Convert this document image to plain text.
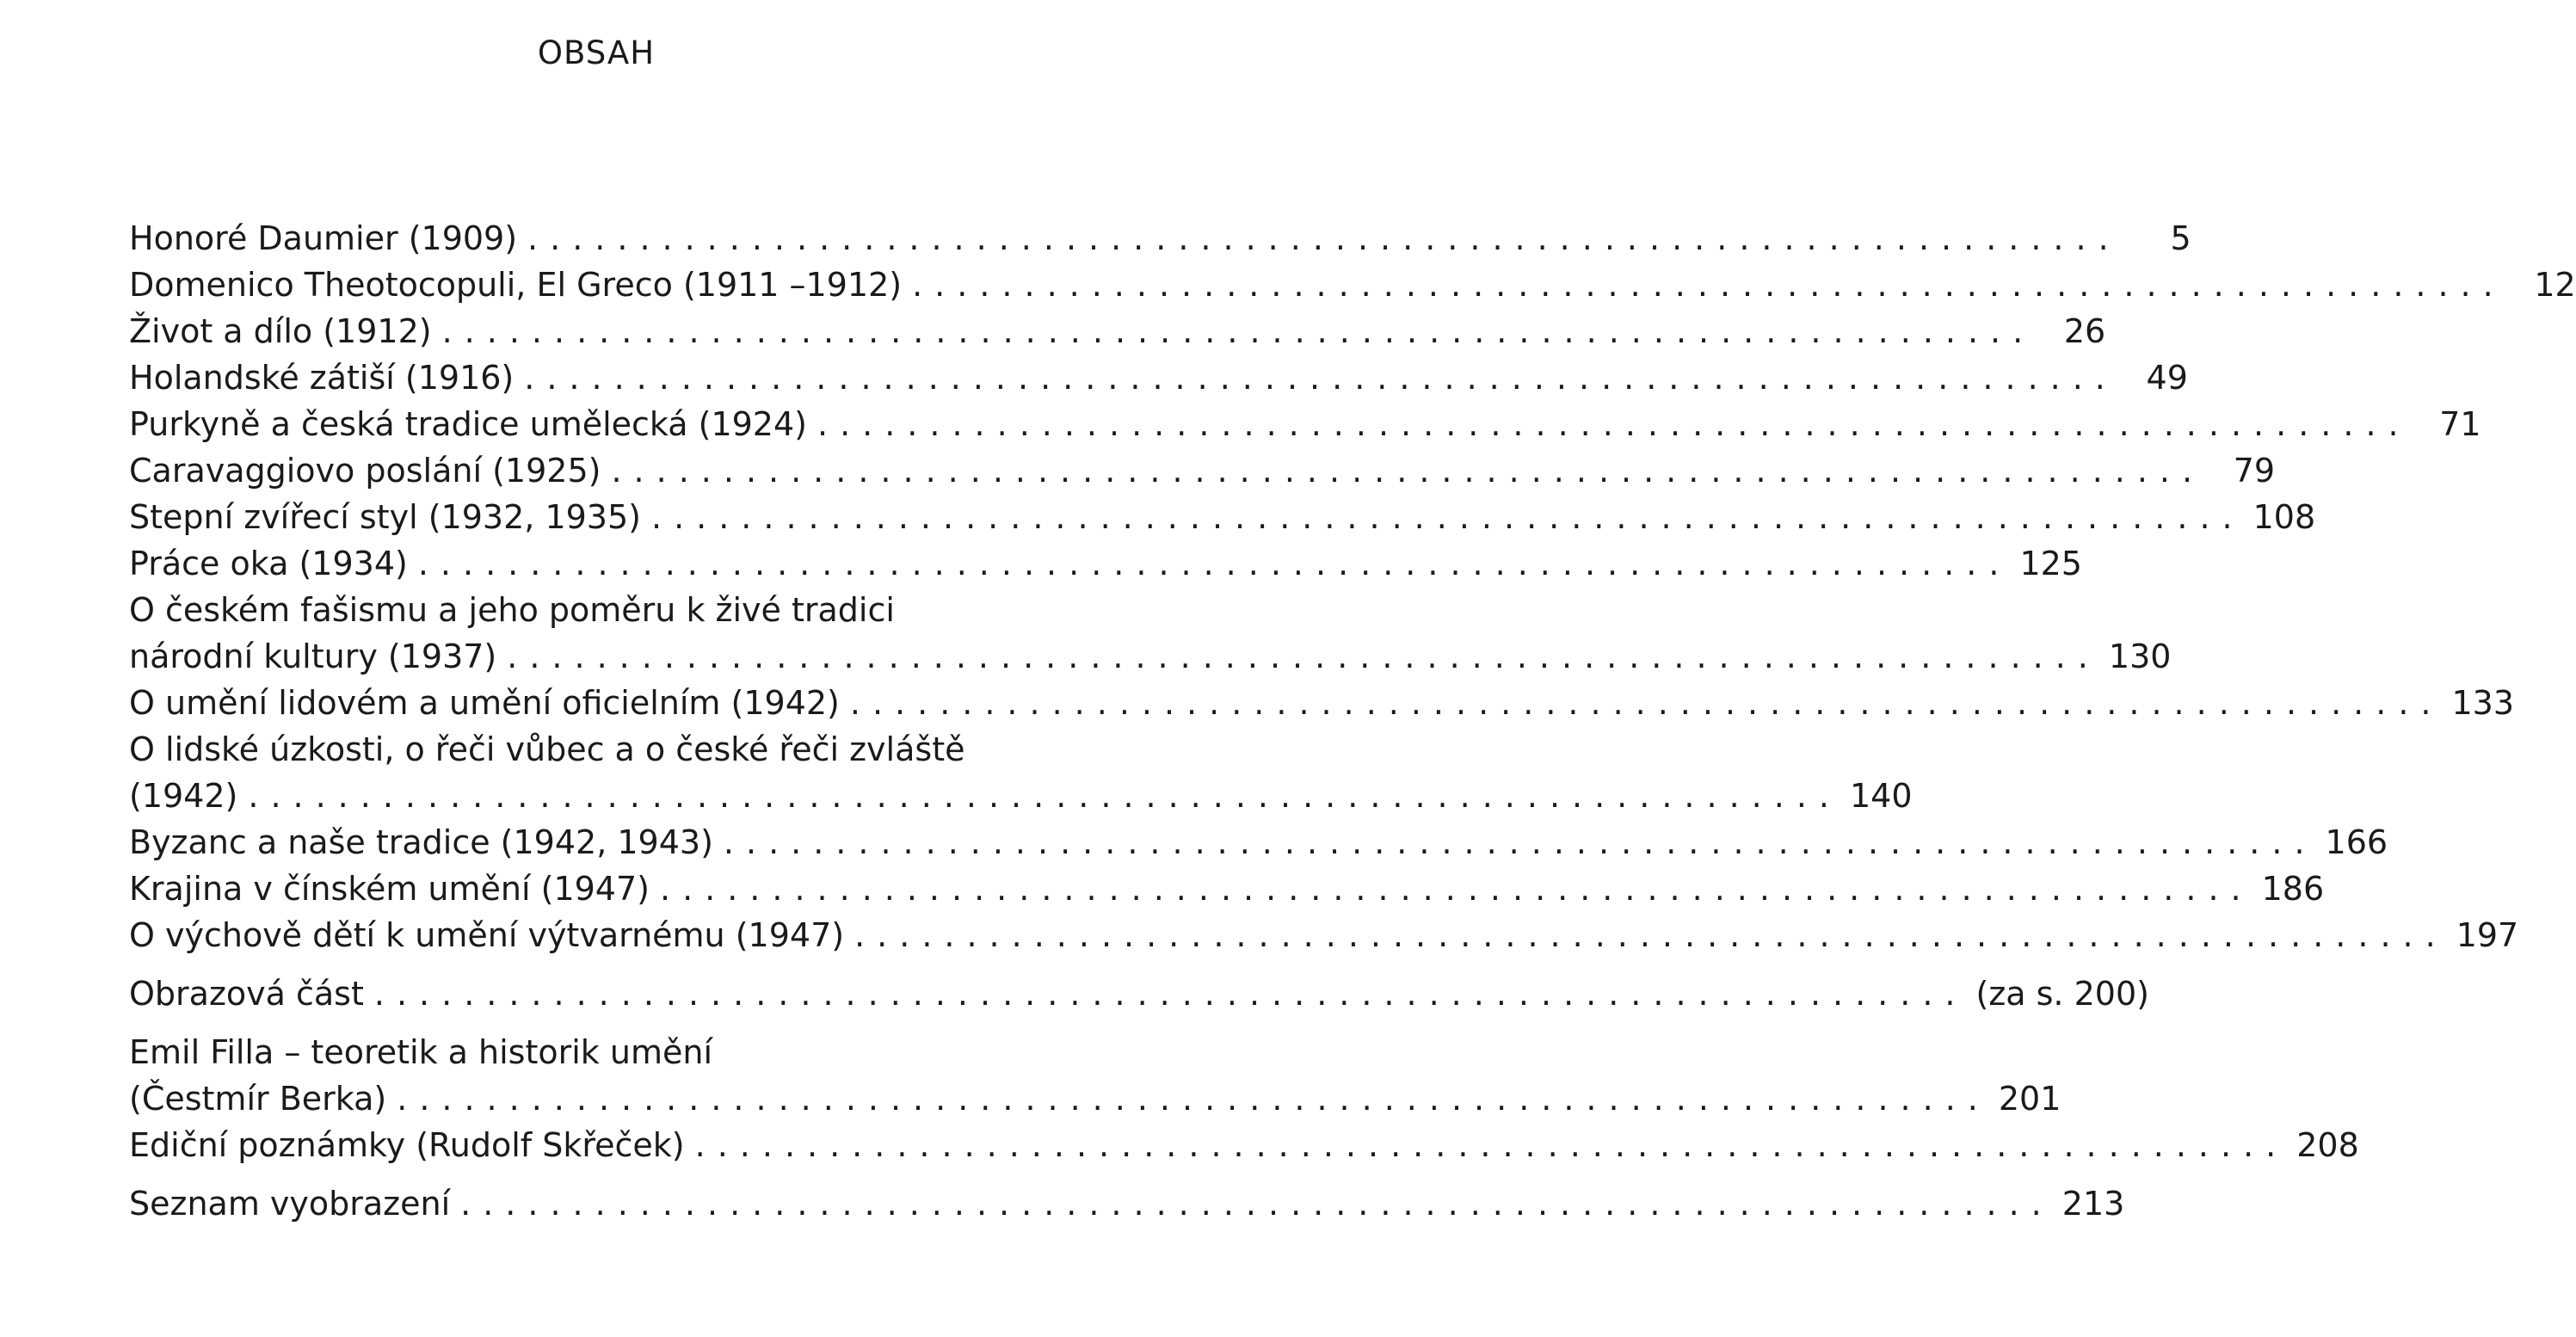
OBSAH
Honoré Daumier (1909) .......................................................................	5
Domenico Theotocopuli, El Greco (1911 –1912) ....................................................................... 12
Život a dílo (1912) ....................................................................... 26
Holandské zátiší (1916) ....................................................................... 49
Purkyně a česká tradice umělecká (1924) ....................................................................... 71
Caravaggiovo poslání (1925) ....................................................................... 79
Stepní zvířecí styl (1932, 1935) ....................................................................... 108
Práce oka (1934) ....................................................................... 125
O českém fašismu a jeho poměru k živé tradici
národní kultury (1937) ....................................................................... 130
O umění lidovém a umění oficielním (1942) ....................................................................... 133
O lidské úzkosti, o řeči vůbec a o české řeči zvláště
(1942) ....................................................................... 140
Byzanc a naše tradice (1942, 1943) ....................................................................... 166
Krajina v čínském umění (1947) ....................................................................... 186
O výchově dětí k umění výtvarnému (1947) ....................................................................... 197
Obrazová část ....................................................................... (za s. 200)
Emil Filla – teoretik a historik umění
(Čestmír Berka) ....................................................................... 201
Ediční poznámky (Rudolf Skřeček) ....................................................................... 208
Seznam vyobrazení ....................................................................... 213
